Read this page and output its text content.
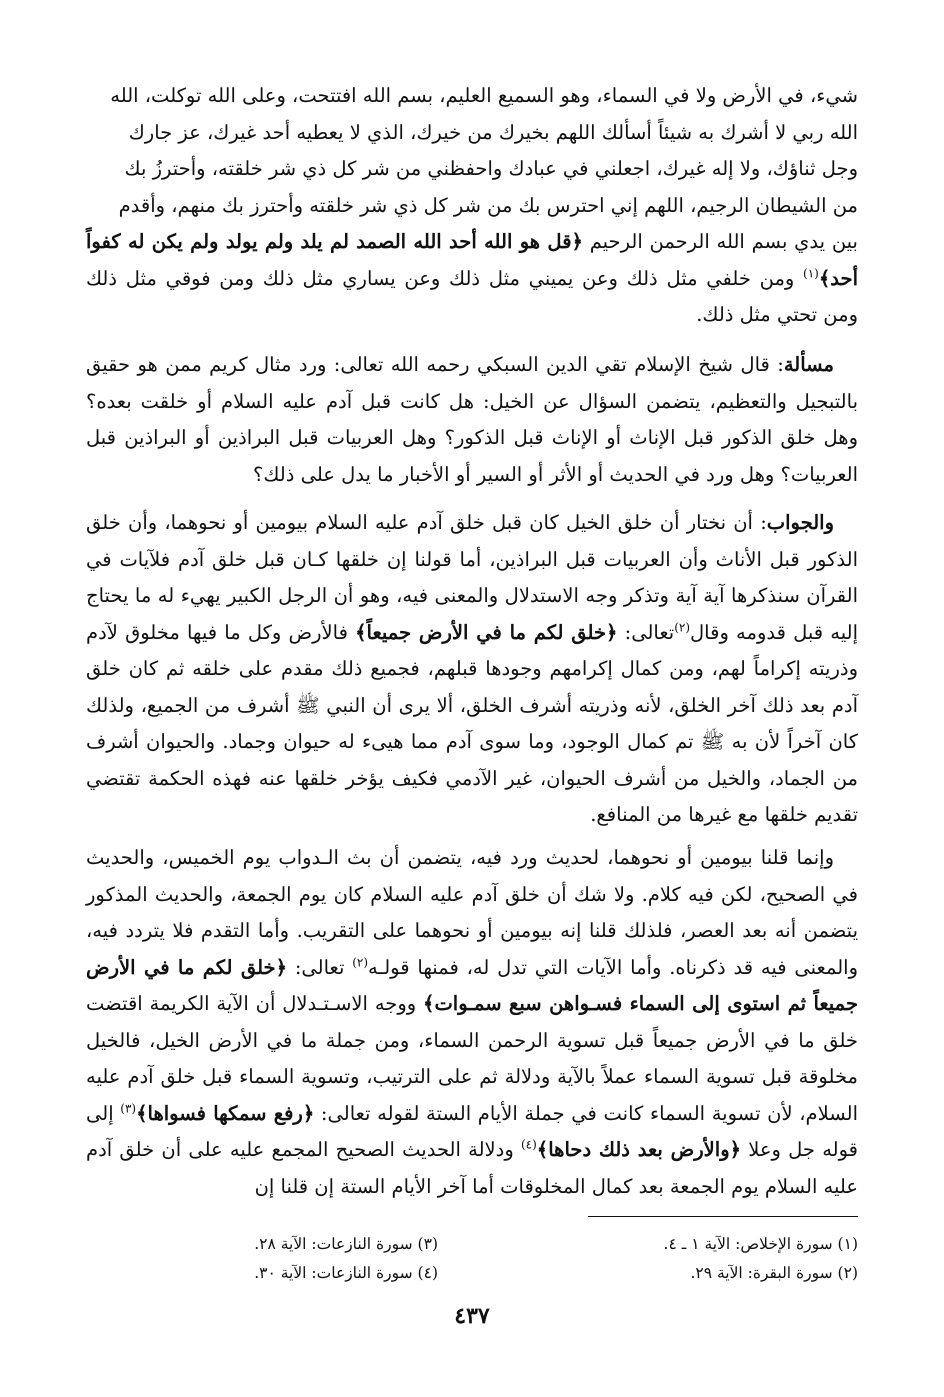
شيء، في الأرض ولا في السماء، وهو السميع العليم، بسم الله افتتحت، وعلى الله توكلت، الله
الله ربي لا أشرك به شيئاً أسألك اللهم بخيرك من خيرك، الذي لا يعطيه أحد غيرك، عز جارك
وجل ثناؤك، ولا إله غيرك، اجعلني في عبادك واحفظني من شر كل ذي شر خلقته، وأحترزُ بك
من الشيطان الرجيم، اللهم إني احترس بك من شر كل ذي شر خلقته وأحترز بك منهم، وأقدم

بين يدي بسم الله الرحمن الرحيم ﴿قل هو الله أحد الله الصمد لم يلد ولم يولد ولم يكن له كفواً أحد﴾$^{(١)}$ ومن خلفي مثل ذلك وعن يميني مثل ذلك وعن يساري مثل ذلك ومن فوقي مثل ذلك ومن تحتي مثل ذلك.

مسألة: قال شيخ الإسلام تقي الدين السبكي رحمه الله تعالى: ورد مثال كريم ممن هو حقيق بالتبجيل والتعظيم، يتضمن السؤال عن الخيل: هل كانت قبل آدم عليه السلام أو خلقت بعده؟ وهل خلق الذكور قبل الإناث أو الإناث قبل الذكور؟ وهل العربيات قبل البراذين أو البراذين قبل العربيات؟ وهل ورد في الحديث أو الأثر أو السير أو الأخبار ما يدل على ذلك؟

والجواب: أن نختار أن خلق الخيل كان قبل خلق آدم عليه السلام بيومين أو نحوهما، وأن خلق الذكور قبل الأناث وأن العربيات قبل البراذين، أما قولنا إن خلقها كـان قبل خلق آدم فلآيات في القرآن سنذكرها آية آية وتذكر وجه الاستدلال والمعنى فيه، وهو أن الرجل الكبير يهيء له ما يحتاج إليه قبل قدومه وقال$^{(٢)}$تعالى: ﴿خلق لكم ما في الأرض جميعاً﴾ فالأرض وكل ما فيها مخلوق لآدم وذريته إكراماً لهم، ومن كمال إكرامهم وجودها قبلهم، فجميع ذلك مقدم على خلقه ثم كان خلق آدم بعد ذلك آخر الخلق، لأنه وذريته أشرف الخلق، ألا يرى أن النبي ﷺ أشرف من الجميع، ولذلك كان آخراً لأن به ﷺ تم كمال الوجود، وما سوى آدم مما هيىء له حيوان وجماد. والحيوان أشرف من الجماد، والخيل من أشرف الحيوان، غير الآدمي فكيف يؤخر خلقها عنه فهذه الحكمة تقتضي تقديم خلقها مع غيرها من المنافع.

وإنما قلنا بيومين أو نحوهما، لحديث ورد فيه، يتضمن أن بث الـدواب يوم الخميس، والحديث في الصحيح، لكن فيه كلام. ولا شك أن خلق آدم عليه السلام كان يوم الجمعة، والحديث المذكور يتضمن أنه بعد العصر، فلذلك قلنا إنه بيومين أو نحوهما على التقريب. وأما التقدم فلا يتردد فيه، والمعنى فيه قد ذكرناه. وأما الآيات التي تدل له، فمنها قولـه$^{(٢)}$ تعالى: ﴿خلق لكم ما في الأرض جميعاً ثم استوى إلى السماء فسـواهن سبع سمـوات﴾ ووجه الاسـتـدلال أن الآية الكريمة اقتضت خلق ما في الأرض جميعاً قبل تسوية الرحمن السماء، ومن جملة ما في الأرض الخيل، فالخيل مخلوقة قبل تسوية السماء عملاً بالآية ودلالة ثم على الترتيب، وتسوية السماء قبل خلق آدم عليه السلام، لأن تسوية السماء كانت في جملة الأيام الستة لقوله تعالى: ﴿رفع سمكها فسواها﴾$^{(٣)}$ إلى قوله جل وعلا ﴿والأرض بعد ذلك دحاها﴾$^{(٤)}$ ودلالة الحديث الصحيح المجمع عليه على أن خلق آدم عليه السلام يوم الجمعة بعد كمال المخلوقات أما آخر الأيام الستة إن قلنا إن

(١) سورة الإخلاص: الآية ١ ـ ٤.
(٢) سورة البقرة: الآية ٢٩.
(٣) سورة النازعات: الآية ٢٨.
(٤) سورة النازعات: الآية ٣٠.
٤٣٧
